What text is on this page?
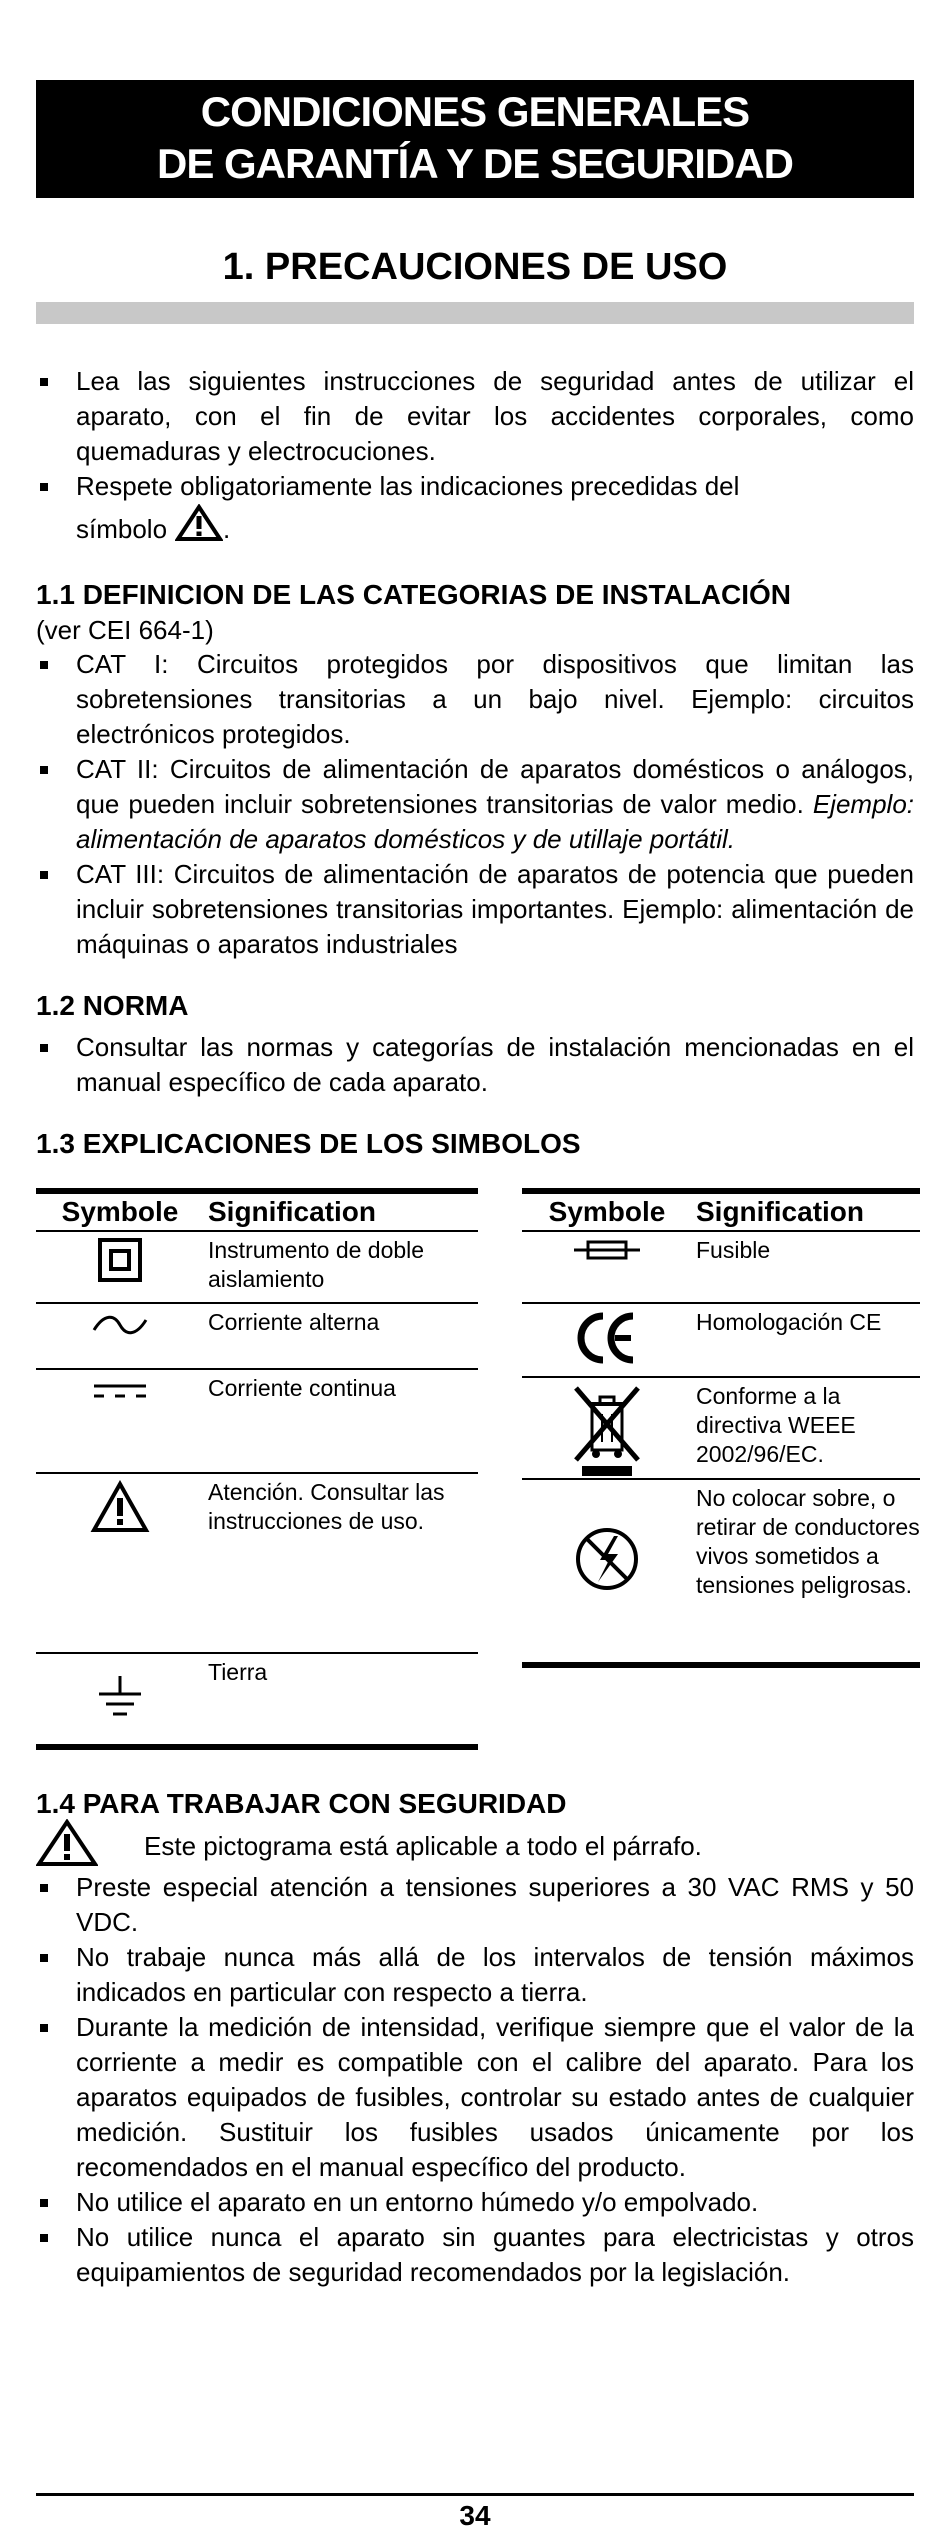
CONDICIONES GENERALES
DE GARANTÍA Y DE SEGURIDAD
1. PRECAUCIONES DE USO
Lea las siguientes instrucciones de seguridad antes de utilizar el aparato, con el fin de evitar los accidentes corporales, como quemaduras y electrocuciones.
Respete obligatoriamente las indicaciones precedidas del
símbolo .
1.1 DEFINICION DE LAS CATEGORIAS DE INSTALACIÓN
(ver CEI 664-1)
CAT I: Circuitos protegidos por dispositivos que limitan las sobretensiones transitorias a un bajo nivel. Ejemplo: circuitos electrónicos protegidos.
CAT II: Circuitos de alimentación de aparatos domésticos o análogos, que pueden incluir sobretensiones transitorias de valor medio. Ejemplo: alimentación de aparatos domésticos y de utillaje portátil.
CAT III: Circuitos de alimentación de aparatos de potencia que pueden incluir sobretensiones transitorias importantes. Ejemplo: alimentación de máquinas o aparatos industriales
1.2 NORMA
Consultar las normas y categorías de instalación mencionadas en el manual específico de cada aparato.
1.3 EXPLICACIONES DE LOS SIMBOLOS
Symbole	Signification
Instrumento de doble aislamiento
Corriente alterna
Corriente continua
Atención. Consultar las instrucciones de uso.
Tierra
Symbole	Signification
Fusible
Homologación CE
Conforme a la directiva WEEE 2002/96/EC.
No colocar sobre, o retirar de conductores vivos sometidos a tensiones peligrosas.
1.4 PARA TRABAJAR CON SEGURIDAD
Este pictograma está aplicable a todo el párrafo.
Preste especial atención a tensiones superiores a 30 VAC RMS y 50 VDC.
No trabaje nunca más allá de los intervalos de tensión máximos indicados en particular con respecto a tierra.
Durante la medición de intensidad, verifique siempre que el valor de la corriente a medir es compatible con el calibre del aparato. Para los aparatos equipados de fusibles, controlar su estado antes de cualquier medición. Sustituir los fusibles usados únicamente por los recomendados en el manual específico del producto.
No utilice el aparato en un entorno húmedo y/o empolvado.
No utilice nunca el aparato sin guantes para electricistas y otros equipamientos de seguridad recomendados por la legislación.
34
